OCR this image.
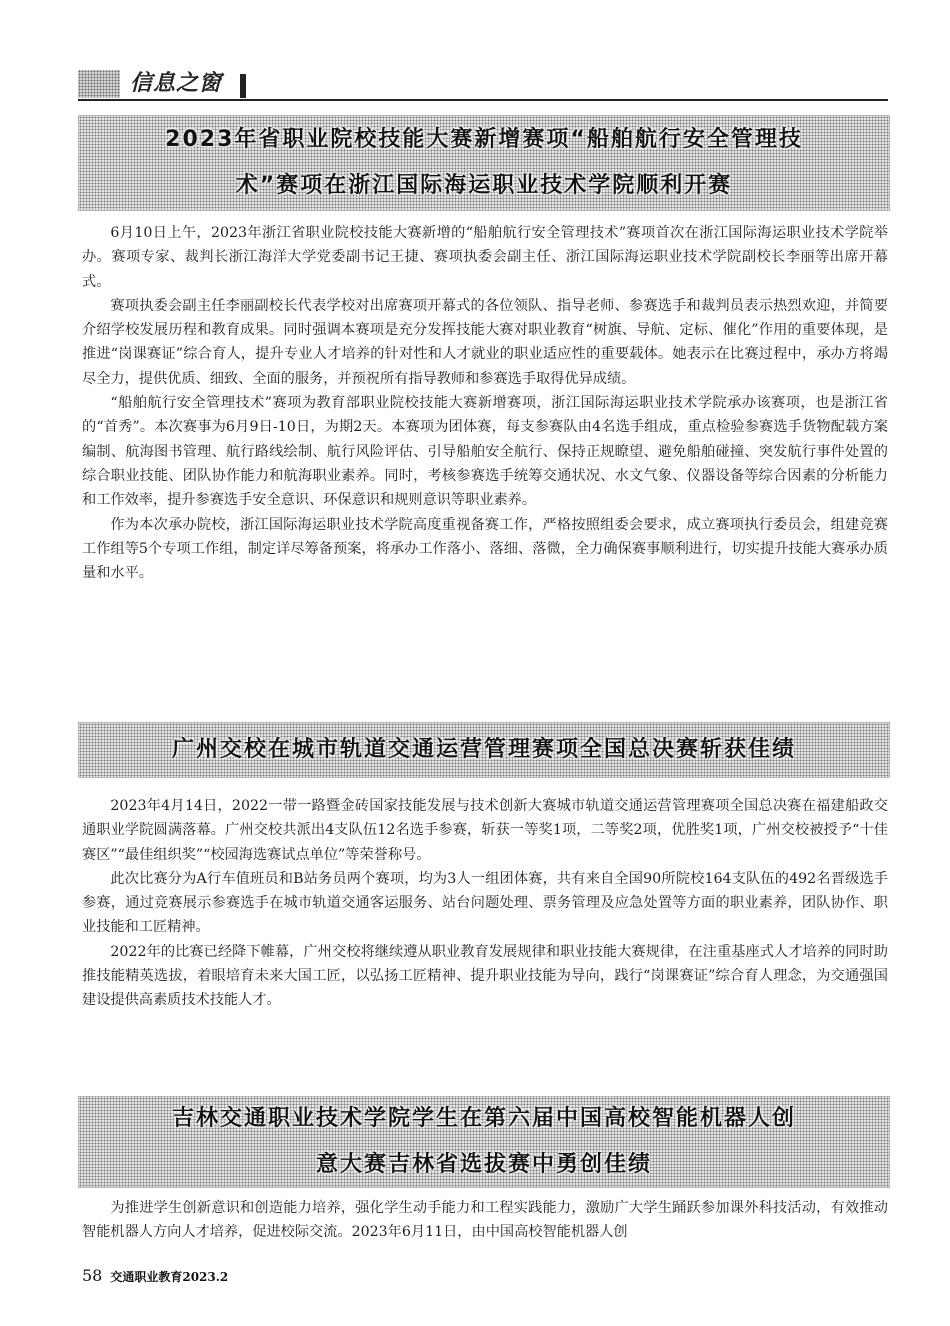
信息之窗
2023年省职业院校技能大赛新增赛项“船舶航行安全管理技
术”赛项在浙江国际海运职业技术学院顺利开赛

6月10日上午，2023年浙江省职业院校技能大赛新增的“船舶航行安全管理技术”赛项首次在浙江国际海运职业技术学院举办。赛项专家、裁判长浙江海洋大学党委副书记王捷、赛项执委会副主任、浙江国际海运职业技术学院副校长李丽等出席开幕式。

赛项执委会副主任李丽副校长代表学校对出席赛项开幕式的各位领队、指导老师、参赛选手和裁判员表示热烈欢迎，并简要介绍学校发展历程和教育成果。同时强调本赛项是充分发挥技能大赛对职业教育“树旗、导航、定标、催化”作用的重要体现，是推进“岗课赛证”综合育人，提升专业人才培养的针对性和人才就业的职业适应性的重要载体。她表示在比赛过程中，承办方将竭尽全力，提供优质、细致、全面的服务，并预祝所有指导教师和参赛选手取得优异成绩。

“船舶航行安全管理技术”赛项为教育部职业院校技能大赛新增赛项，浙江国际海运职业技术学院承办该赛项，也是浙江省的“首秀”。本次赛事为6月9日-10日，为期2天。本赛项为团体赛，每支参赛队由4名选手组成，重点检验参赛选手货物配载方案编制、航海图书管理、航行路线绘制、航行风险评估、引导船舶安全航行、保持正规瞭望、避免船舶碰撞、突发航行事件处置的综合职业技能、团队协作能力和航海职业素养。同时，考核参赛选手统筹交通状况、水文气象、仪器设备等综合因素的分析能力和工作效率，提升参赛选手安全意识、环保意识和规则意识等职业素养。

作为本次承办院校，浙江国际海运职业技术学院高度重视备赛工作，严格按照组委会要求，成立赛项执行委员会，组建竞赛工作组等5个专项工作组，制定详尽筹备预案，将承办工作落小、落细、落微，全力确保赛事顺利进行，切实提升技能大赛承办质量和水平。

广州交校在城市轨道交通运营管理赛项全国总决赛斩获佳绩

2023年4月14日，2022一带一路暨金砖国家技能发展与技术创新大赛城市轨道交通运营管理赛项全国总决赛在福建船政交通职业学院圆满落幕。广州交校共派出4支队伍12名选手参赛，斩获一等奖1项，二等奖2项，优胜奖1项，广州交校被授予“十佳赛区”“最佳组织奖”“校园海选赛试点单位”等荣誉称号。

此次比赛分为A行车值班员和B站务员两个赛项，均为3人一组团体赛，共有来自全国90所院校164支队伍的492名晋级选手参赛，通过竞赛展示参赛选手在城市轨道交通客运服务、站台问题处理、票务管理及应急处置等方面的职业素养，团队协作、职业技能和工匠精神。

2022年的比赛已经降下帷幕，广州交校将继续遵从职业教育发展规律和职业技能大赛规律，在注重基座式人才培养的同时助推技能精英选拔，着眼培育未来大国工匠，以弘扬工匠精神、提升职业技能为导向，践行“岗课赛证”综合育人理念，为交通强国建设提供高素质技术技能人才。

吉林交通职业技术学院学生在第六届中国高校智能机器人创
意大赛吉林省选拔赛中勇创佳绩

为推进学生创新意识和创造能力培养，强化学生动手能力和工程实践能力，激励广大学生踊跃参加课外科技活动，有效推动智能机器人方向人才培养，促进校际交流。2023年6月11日，由中国高校智能机器人创

58 交通职业教育2023.2
